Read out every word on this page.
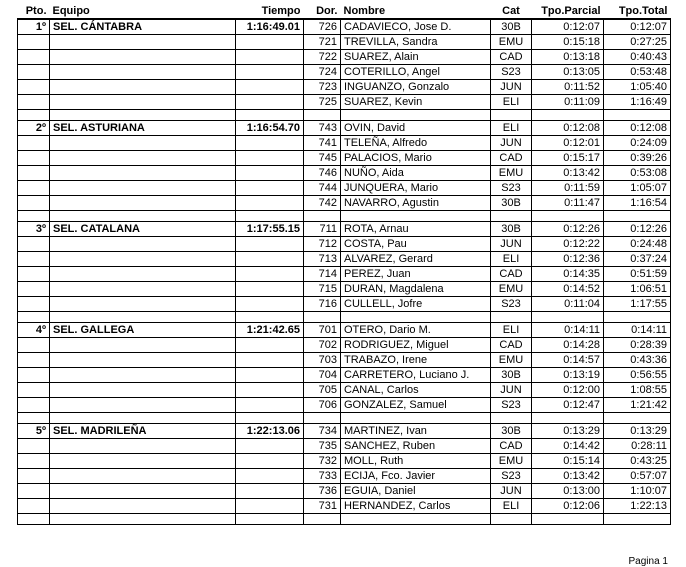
Pto.	Equipo	Tiempo	Dor.	Nombre	Cat	Tpo.Parcial	Tpo.Total
1º	SEL. CÁNTABRA	1:16:49.01	726	CADAVIECO, Jose D.	30B	0:12:07	0:12:07
			721	TREVILLA, Sandra	EMU	0:15:18	0:27:25
			722	SUAREZ, Alain	CAD	0:13:18	0:40:43
			724	COTERILLO, Angel	S23	0:13:05	0:53:48
			723	INGUANZO, Gonzalo	JUN	0:11:52	1:05:40
			725	SUAREZ, Kevin	ELI	0:11:09	1:16:49

2º	SEL. ASTURIANA	1:16:54.70	743	OVIN, David	ELI	0:12:08	0:12:08
			741	TELEÑA, Alfredo	JUN	0:12:01	0:24:09
			745	PALACIOS, Mario	CAD	0:15:17	0:39:26
			746	NUÑO, Aida	EMU	0:13:42	0:53:08
			744	JUNQUERA, Mario	S23	0:11:59	1:05:07
			742	NAVARRO, Agustin	30B	0:11:47	1:16:54

3º	SEL. CATALANA	1:17:55.15	711	ROTA, Arnau	30B	0:12:26	0:12:26
			712	COSTA, Pau	JUN	0:12:22	0:24:48
			713	ALVAREZ, Gerard	ELI	0:12:36	0:37:24
			714	PEREZ, Juan	CAD	0:14:35	0:51:59
			715	DURAN, Magdalena	EMU	0:14:52	1:06:51
			716	CULLELL, Jofre	S23	0:11:04	1:17:55

4º	SEL. GALLEGA	1:21:42.65	701	OTERO, Dario M.	ELI	0:14:11	0:14:11
			702	RODRIGUEZ, Miguel	CAD	0:14:28	0:28:39
			703	TRABAZO, Irene	EMU	0:14:57	0:43:36
			704	CARRETERO, Luciano J.	30B	0:13:19	0:56:55
			705	CANAL, Carlos	JUN	0:12:00	1:08:55
			706	GONZALEZ, Samuel	S23	0:12:47	1:21:42

5º	SEL. MADRILEÑA	1:22:13.06	734	MARTINEZ, Ivan	30B	0:13:29	0:13:29
			735	SANCHEZ, Ruben	CAD	0:14:42	0:28:11
			732	MOLL, Ruth	EMU	0:15:14	0:43:25
			733	ECIJA, Fco. Javier	S23	0:13:42	0:57:07
			736	EGUIA, Daniel	JUN	0:13:00	1:10:07
			731	HERNANDEZ, Carlos	ELI	0:12:06	1:22:13

Pagina 1
